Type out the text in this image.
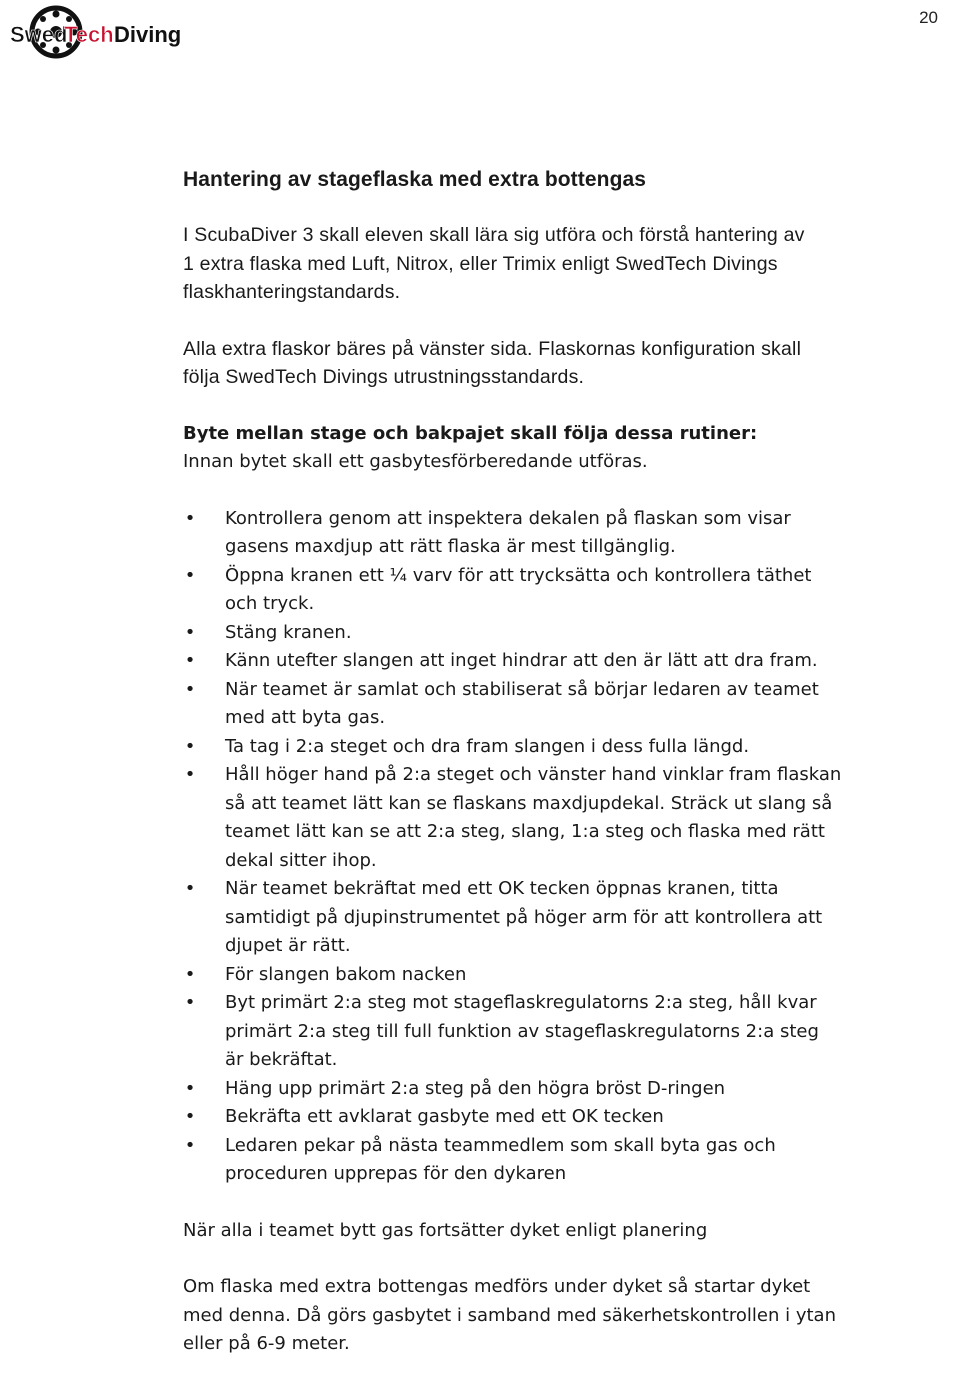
Swed
Tech Diving
20
Hantering av stageflaska med extra bottengas
I ScubaDiver 3 skall eleven skall lära sig utföra och förstå hantering av
1 extra flaska med Luft, Nitrox, eller Trimix enligt SwedTech Divings
flaskhanteringstandards.
Alla extra flaskor bäres på vänster sida. Flaskornas konfiguration skall
följa SwedTech Divings utrustningsstandards.
Byte mellan stage och bakpajet skall följa dessa rutiner:
Innan bytet skall ett gasbytesförberedande utföras.
• Kontrollera genom att inspektera dekalen på flaskan som visar
gasens maxdjup att rätt flaska är mest tillgänglig.
• Öppna kranen ett ¼ varv för att trycksätta och kontrollera täthet
och tryck.
• Stäng kranen.
• Känn utefter slangen att inget hindrar att den är lätt att dra fram.
• När teamet är samlat och stabiliserat så börjar ledaren av teamet
med att byta gas.
• Ta tag i 2:a steget och dra fram slangen i dess fulla längd.
• Håll höger hand på 2:a steget och vänster hand vinklar fram flaskan
så att teamet lätt kan se flaskans maxdjupdekal. Sträck ut slang så
teamet lätt kan se att 2:a steg, slang, 1:a steg och flaska med rätt
dekal sitter ihop.
• När teamet bekräftat med ett OK tecken öppnas kranen, titta
samtidigt på djupinstrumentet på höger arm för att kontrollera att
djupet är rätt.
• För slangen bakom nacken
• Byt primärt 2:a steg mot stageflaskregulatorns 2:a steg, håll kvar
primärt 2:a steg till full funktion av stageflaskregulatorns 2:a steg
är bekräftat.
• Häng upp primärt 2:a steg på den högra bröst D-ringen
• Bekräfta ett avklarat gasbyte med ett OK tecken
• Ledaren pekar på nästa teammedlem som skall byta gas och
proceduren upprepas för den dykaren
När alla i teamet bytt gas fortsätter dyket enligt planering
Om flaska med extra bottengas medförs under dyket så startar dyket
med denna. Då görs gasbytet i samband med säkerhetskontrollen i ytan
eller på 6-9 meter.
